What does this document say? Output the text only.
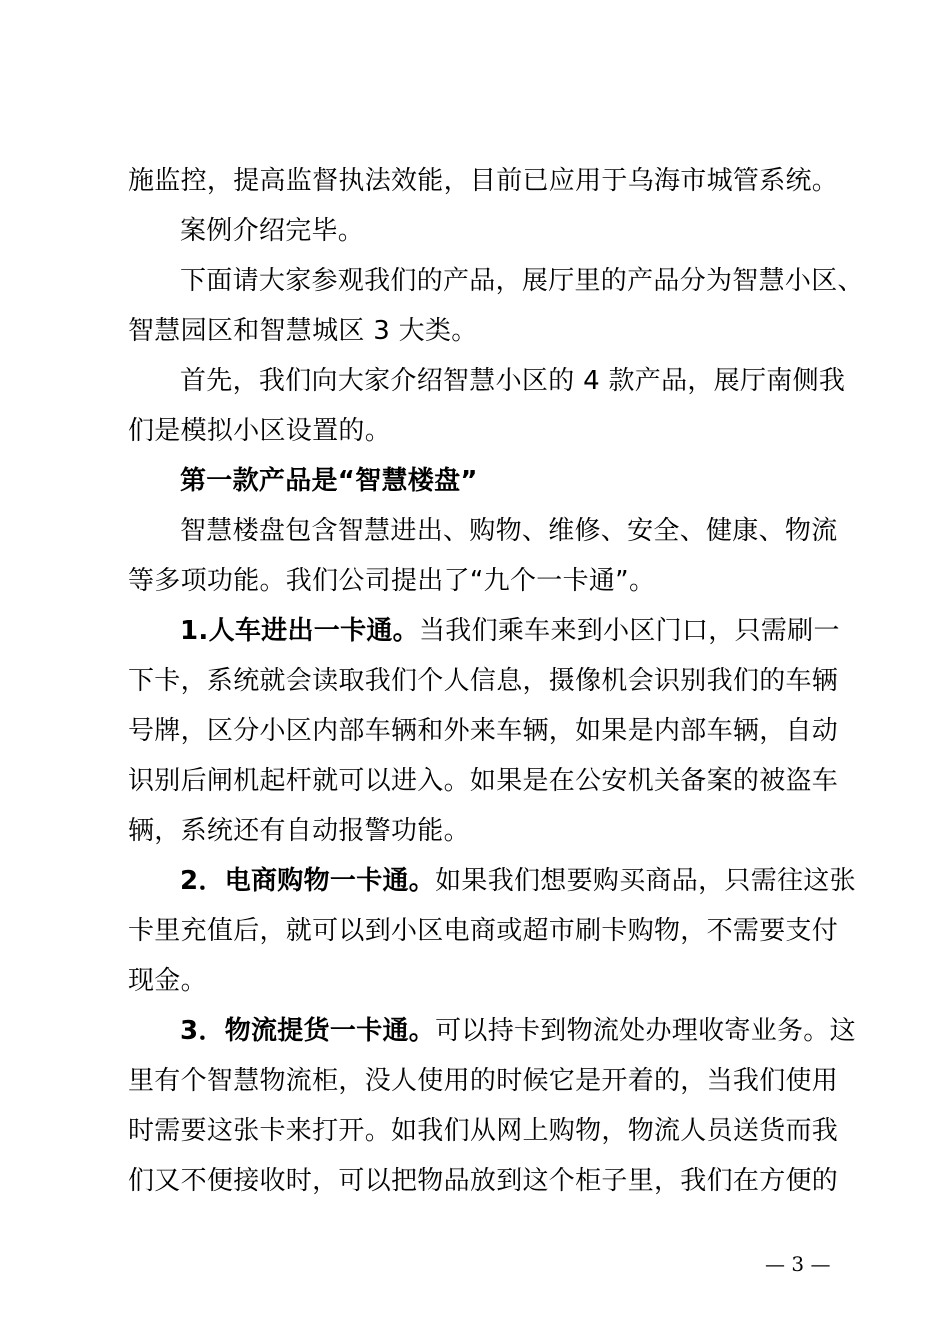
施监控，提高监督执法效能，目前已应用于乌海市城管系统。

案例介绍完毕。

下面请大家参观我们的产品，展厅里的产品分为智慧小区、
智慧园区和智慧城区 3 大类。

首先，我们向大家介绍智慧小区的 4 款产品，展厅南侧我
们是模拟小区设置的。

第一款产品是“智慧楼盘”

智慧楼盘包含智慧进出、购物、维修、安全、健康、物流
等多项功能。我们公司提出了“九个一卡通”。

1.人车进出一卡通。当我们乘车来到小区门口，只需刷一
下卡，系统就会读取我们个人信息，摄像机会识别我们的车辆
号牌，区分小区内部车辆和外来车辆，如果是内部车辆，自动
识别后闸机起杆就可以进入。如果是在公安机关备案的被盗车
辆，系统还有自动报警功能。

2．电商购物一卡通。如果我们想要购买商品，只需往这张
卡里充值后，就可以到小区电商或超市刷卡购物，不需要支付
现金。

3．物流提货一卡通。可以持卡到物流处办理收寄业务。这
里有个智慧物流柜，没人使用的时候它是开着的，当我们使用
时需要这张卡来打开。如我们从网上购物，物流人员送货而我
们又不便接收时，可以把物品放到这个柜子里，我们在方便的

— 3 —
